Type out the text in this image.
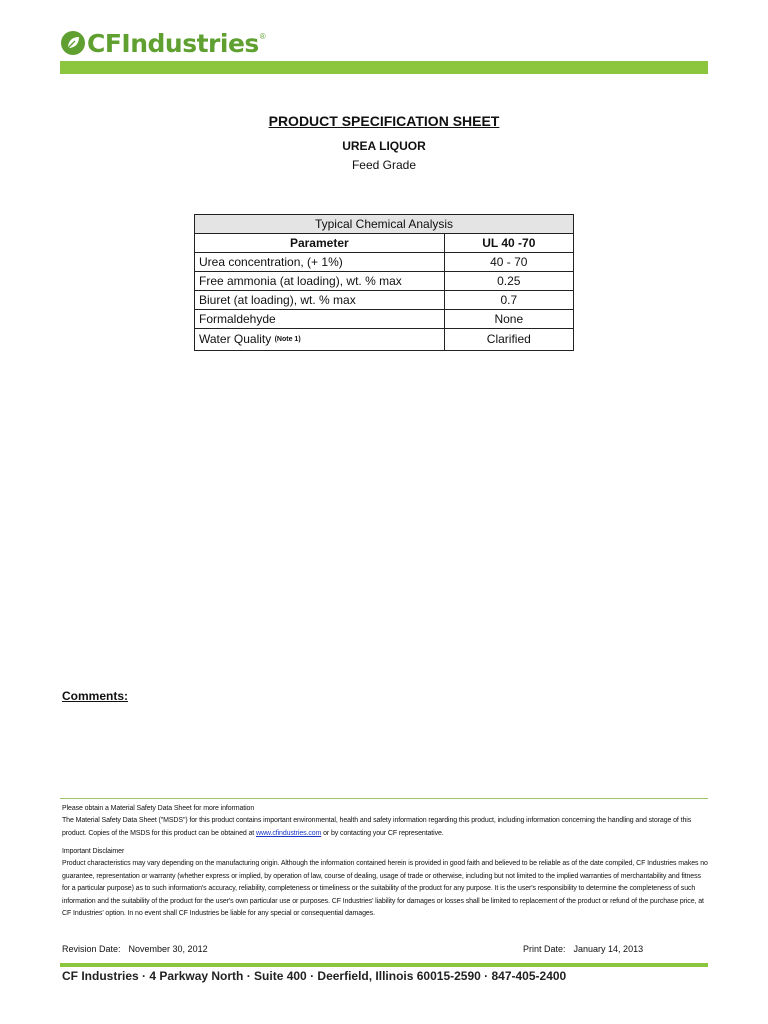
CFIndustries ®
PRODUCT SPECIFICATION SHEET
UREA LIQUOR
Feed Grade
Typical Chemical Analysis	
Parameter	UL 40 -70
Urea concentration, (+ 1%)	40 - 70
Free ammonia (at loading), wt. % max	0.25
Biuret (at loading), wt. % max	0.7
Formaldehyde	None
Water Quality $^{(Note 1)}$	Clarified
Comments:
Please obtain a Material Safety Data Sheet for more information
The Material Safety Data Sheet ("MSDS") for this product contains important environmental, health and safety information regarding this product, including information concerning the handling and storage of this product. Copies of the MSDS for this product can be obtained at www.cfindustries.com or by contacting your CF representative.
Important Disclaimer
Product characteristics may vary depending on the manufacturing origin. Although the information contained herein is provided in good faith and believed to be reliable as of the date compiled, CF Industries makes no guarantee, representation or warranty (whether express or implied, by operation of law, course of dealing, usage of trade or otherwise, including but not limited to the implied warranties of merchantability and fitness for a particular purpose) as to such information's accuracy, reliability, completeness or timeliness or the suitability of the product for any purpose. It is the user's responsibility to determine the completeness of such information and the suitability of the product for the user's own particular use or purposes. CF Industries' liability for damages or losses shall be limited to replacement of the product or refund of the purchase price, at CF Industries' option. In no event shall CF Industries be liable for any special or consequential damages.
Revision Date: November 30, 2012	Print Date: January 14, 2013
CF Industries · 4 Parkway North · Suite 400 · Deerfield, Illinois 60015-2590 · 847-405-2400
